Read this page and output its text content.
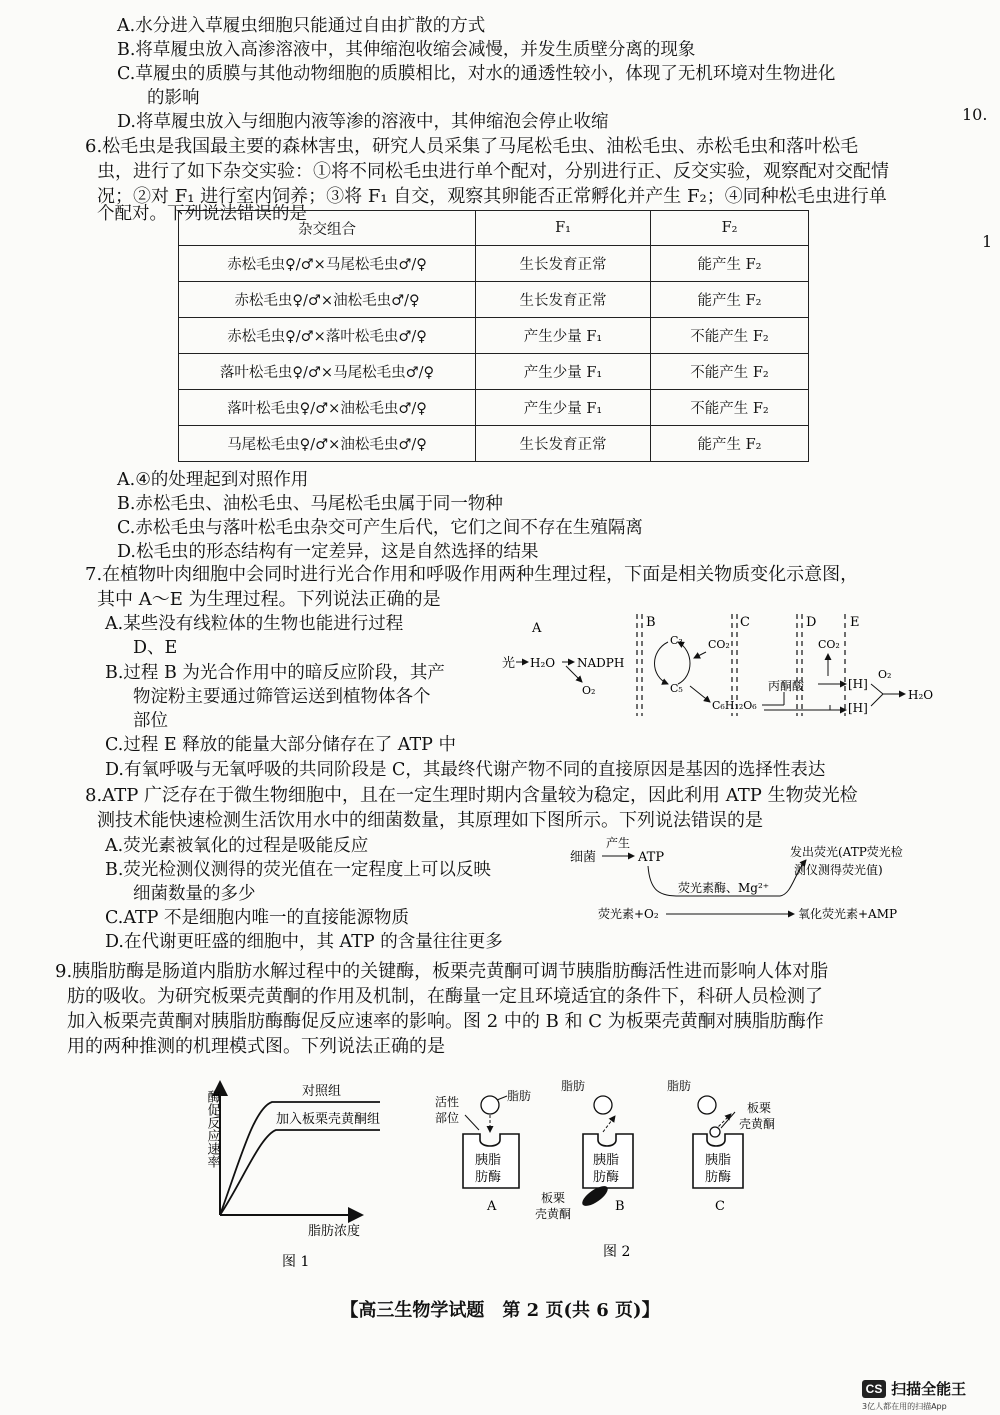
A.水分进入草履虫细胞只能通过自由扩散的方式
B.将草履虫放入高渗溶液中，其伸缩泡收缩会减慢，并发生质壁分离的现象
C.草履虫的质膜与其他动物细胞的质膜相比，对水的通透性较小，体现了无机环境对生物进化
的影响
D.将草履虫放入与细胞内液等渗的溶液中，其伸缩泡会停止收缩	10.
1
6.松毛虫是我国最主要的森林害虫，研究人员采集了马尾松毛虫、油松毛虫、赤松毛虫和落叶松毛
虫，进行了如下杂交实验：①将不同松毛虫进行单个配对，分别进行正、反交实验，观察配对交配情
况；②对 F₁ 进行室内饲养；③将 F₁ 自交，观察其卵能否正常孵化并产生 F₂；④同种松毛虫进行单
个配对。下列说法错误的是
杂交组合	F₁	F₂
赤松毛虫♀/♂×马尾松毛虫♂/♀	生长发育正常	能产生 F₂
赤松毛虫♀/♂×油松毛虫♂/♀	生长发育正常	能产生 F₂
赤松毛虫♀/♂×落叶松毛虫♂/♀	产生少量 F₁	不能产生 F₂
落叶松毛虫♀/♂×马尾松毛虫♂/♀	产生少量 F₁	不能产生 F₂
落叶松毛虫♀/♂×油松毛虫♂/♀	产生少量 F₁	不能产生 F₂
马尾松毛虫♀/♂×油松毛虫♂/♀	生长发育正常	能产生 F₂
A.④的处理起到对照作用
B.赤松毛虫、油松毛虫、马尾松毛虫属于同一物种
C.赤松毛虫与落叶松毛虫杂交可产生后代，它们之间不存在生殖隔离
D.松毛虫的形态结构有一定差异，这是自然选择的结果
7.在植物叶肉细胞中会同时进行光合作用和呼吸作用两种生理过程，下面是相关物质变化示意图，
其中 A～E 为生理过程。下列说法正确的是
A.某些没有线粒体的生物也能进行过程
D、E
B.过程 B 为光合作用中的暗反应阶段，其产
物淀粉主要通过筛管运送到植物体各个
部位
C.过程 E 释放的能量大部分储存在了 ATP 中
D.有氧呼吸与无氧呼吸的共同阶段是 C，其最终代谢产物不同的直接原因是基因的选择性表达
A	B	C	D	E
光 H₂O NADPH
O₂
C₃
C₅
CO₂
C₆H₁₂O₆
丙酮酸
CO₂
[H]
[H]
O₂
H₂O
8.ATP 广泛存在于微生物细胞中，且在一定生理时期内含量较为稳定，因此利用 ATP 生物荧光检
测技术能快速检测生活饮用水中的细菌数量，其原理如下图所示。下列说法错误的是
A.荧光素被氧化的过程是吸能反应
B.荧光检测仪测得的荧光值在一定程度上可以反映
细菌数量的多少
C.ATP 不是细胞内唯一的直接能源物质
D.在代谢更旺盛的细胞中，其 ATP 的含量往往更多
细菌
产生
ATP
荧光素酶、Mg²⁺
发出荧光(ATP荧光检
测仪测得荧光值)
荧光素+O₂	氧化荧光素+AMP
9.胰脂肪酶是肠道内脂肪水解过程中的关键酶，板栗壳黄酮可调节胰脂肪酶活性进而影响人体对脂
肪的吸收。为研究板栗壳黄酮的作用及机制，在酶量一定且环境适宜的条件下，科研人员检测了
加入板栗壳黄酮对胰脂肪酶酶促反应速率的影响。图 2 中的 B 和 C 为板栗壳黄酮对胰脂肪酶作
用的两种推测的机理模式图。下列说法正确的是
酶促反应速率
脂肪浓度
对照组
加入板栗壳黄酮组
图 1
活性
部位
脂肪
胰脂
肪酶
A
脂肪
胰脂
肪酶
板栗
壳黄酮	B
脂肪
板栗
壳黄酮
胰脂
肪酶
C
图 2
【高三生物学试题　第 2 页(共 6 页)】
CS 扫描全能王
3亿人都在用的扫描App
